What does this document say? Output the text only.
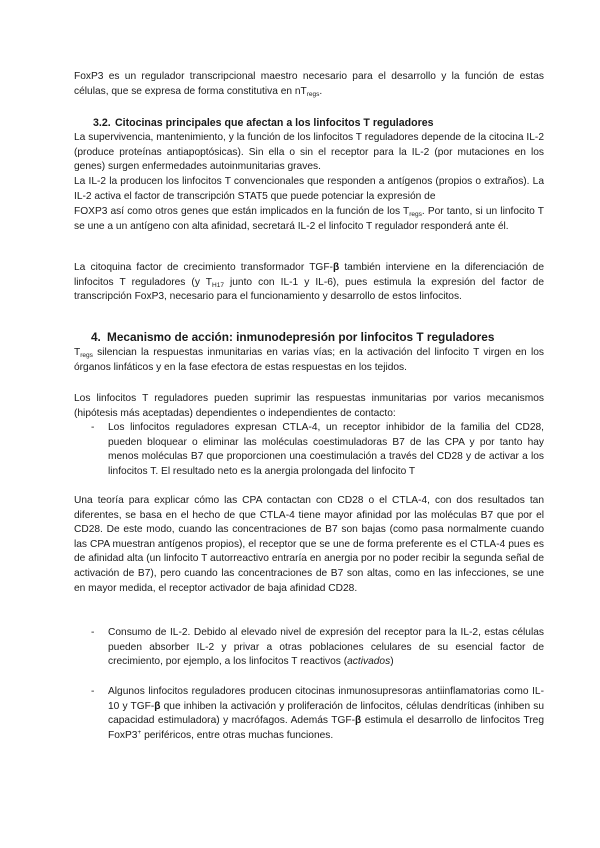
FoxP3 es un regulador transcripcional maestro necesario para el desarrollo y la función de estas células, que se expresa de forma constitutiva en $nT_{regs}$.

3.2. Citocinas principales que afectan a los linfocitos T reguladores

La supervivencia, mantenimiento, y la función de los linfocitos T reguladores depende de la citocina IL-2 (produce proteínas antiapoptósicas). Sin ella o sin el receptor para la IL-2 (por mutaciones en los genes) surgen enfermedades autoinmunitarias graves.

La IL-2 la producen los linfocitos T convencionales que responden a antígenos (propios o extraños). La IL-2 activa el factor de transcripción STAT5 que puede potenciar la expresión de

FOXP3 así como otros genes que están implicados en la función de los $T_{regs}$. Por tanto, si un linfocito T se une a un antígeno con alta afinidad, secretará IL-2 el linfocito T regulador responderá ante él.

La citoquina factor de crecimiento transformador TGF-β también interviene en la diferenciación de linfocitos T reguladores (y $T_{H17}$ junto con IL-1 y IL-6), pues estimula la expresión del factor de transcripción FoxP3, necesario para el funcionamiento y desarrollo de estos linfocitos.

4. Mecanismo de acción: inmunodepresión por linfocitos T reguladores

$T_{regs}$ silencian la respuestas inmunitarias en varias vías; en la activación del linfocito T virgen en los órganos linfáticos y en la fase efectora de estas respuestas en los tejidos.

Los linfocitos T reguladores pueden suprimir las respuestas inmunitarias por varios mecanismos (hipótesis más aceptadas) dependientes o independientes de contacto:

- Los linfocitos reguladores expresan CTLA-4, un receptor inhibidor de la familia del CD28, pueden bloquear o eliminar las moléculas coestimuladoras B7 de las CPA y por tanto hay menos moléculas B7 que proporcionen una coestimulación a través del CD28 y de activar a los linfocitos T. El resultado neto es la anergia prolongada del linfocito T

Una teoría para explicar cómo las CPA contactan con CD28 o el CTLA-4, con dos resultados tan diferentes, se basa en el hecho de que CTLA-4 tiene mayor afinidad por las moléculas B7 que por el CD28. De este modo, cuando las concentraciones de B7 son bajas (como pasa normalmente cuando las CPA muestran antígenos propios), el receptor que se une de forma preferente es el CTLA-4 pues es de afinidad alta (un linfocito T autorreactivo entraría en anergia por no poder recibir la segunda señal de activación de B7), pero cuando las concentraciones de B7 son altas, como en las infecciones, se une en mayor medida, el receptor activador de baja afinidad CD28.

- Consumo de IL-2. Debido al elevado nivel de expresión del receptor para la IL-2, estas células pueden absorber IL-2 y privar a otras poblaciones celulares de su esencial factor de crecimiento, por ejemplo, a los linfocitos T reactivos (activados)

- Algunos linfocitos reguladores producen citocinas inmunosupresoras antiinflamatorias como IL-10 y TGF-β que inhiben la activación y proliferación de linfocitos, células dendríticas (inhiben su capacidad estimuladora) y macrófagos. Además TGF-β estimula el desarrollo de linfocitos Treg FoxP3+ periféricos, entre otras muchas funciones.
